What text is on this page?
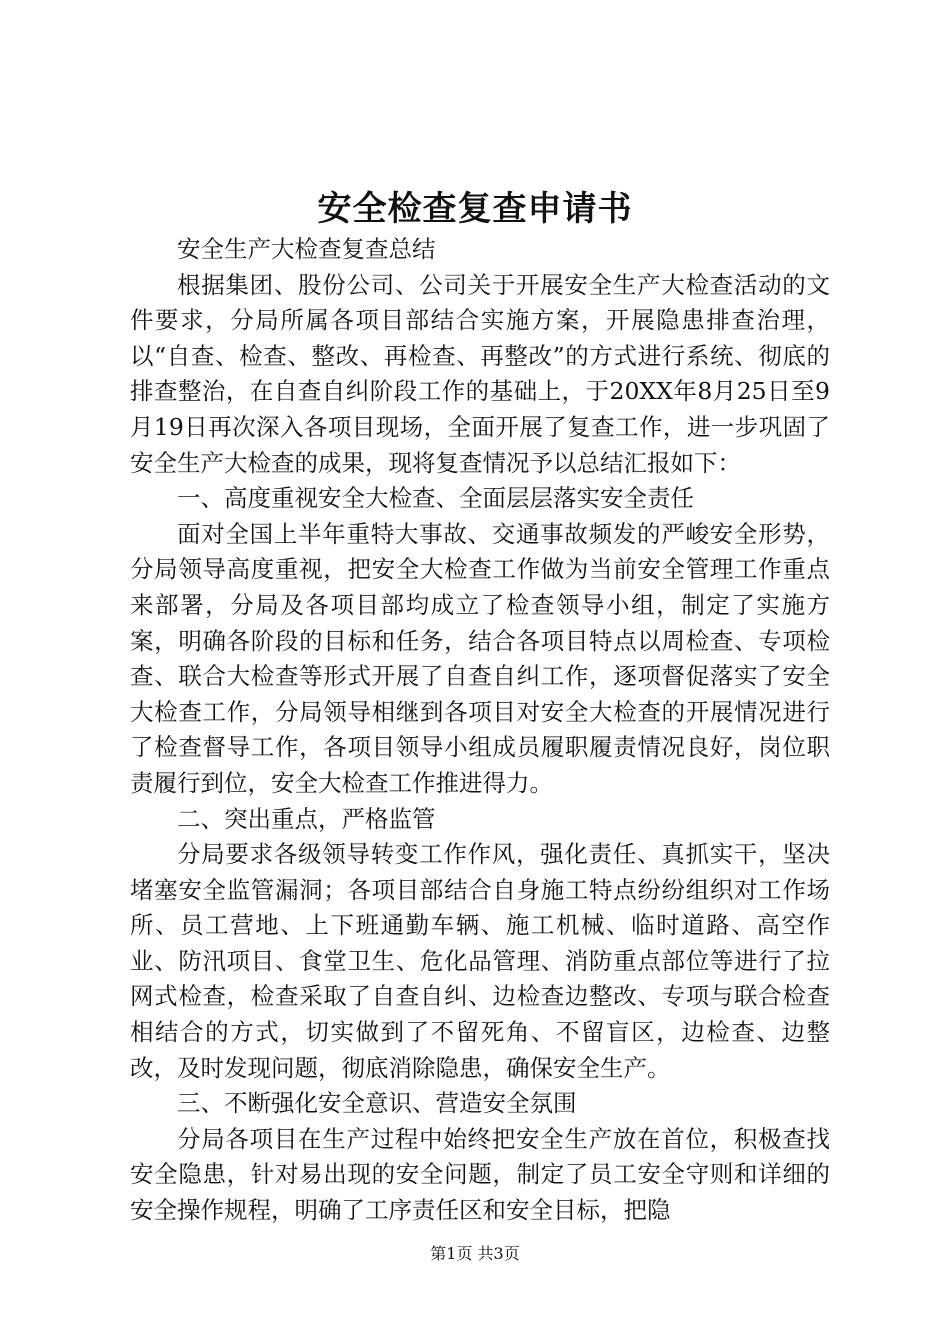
安全检查复查申请书

安全生产大检查复查总结

根据集团、股份公司、公司关于开展安全生产大检查活动的文件要求，分局所属各项目部结合实施方案，开展隐患排查治理，以“自查、检查、整改、再检查、再整改”的方式进行系统、彻底的排查整治，在自查自纠阶段工作的基础上，于20XX年8月25日至9月19日再次深入各项目现场，全面开展了复查工作，进一步巩固了安全生产大检查的成果，现将复查情况予以总结汇报如下：

一、高度重视安全大检查、全面层层落实安全责任

面对全国上半年重特大事故、交通事故频发的严峻安全形势，分局领导高度重视，把安全大检查工作做为当前安全管理工作重点来部署，分局及各项目部均成立了检查领导小组，制定了实施方案，明确各阶段的目标和任务，结合各项目特点以周检查、专项检查、联合大检查等形式开展了自查自纠工作，逐项督促落实了安全大检查工作，分局领导相继到各项目对安全大检查的开展情况进行了检查督导工作，各项目领导小组成员履职履责情况良好，岗位职责履行到位，安全大检查工作推进得力。

二、突出重点，严格监管

分局要求各级领导转变工作作风，强化责任、真抓实干，坚决堵塞安全监管漏洞；各项目部结合自身施工特点纷纷组织对工作场所、员工营地、上下班通勤车辆、施工机械、临时道路、高空作业、防汛项目、食堂卫生、危化品管理、消防重点部位等进行了拉网式检查，检查采取了自查自纠、边检查边整改、专项与联合检查相结合的方式，切实做到了不留死角、不留盲区，边检查、边整改，及时发现问题，彻底消除隐患，确保安全生产。

三、不断强化安全意识、营造安全氛围

分局各项目在生产过程中始终把安全生产放在首位，积极查找安全隐患，针对易出现的安全问题，制定了员工安全守则和详细的安全操作规程，明确了工序责任区和安全目标，把隐

第1页 共3页
